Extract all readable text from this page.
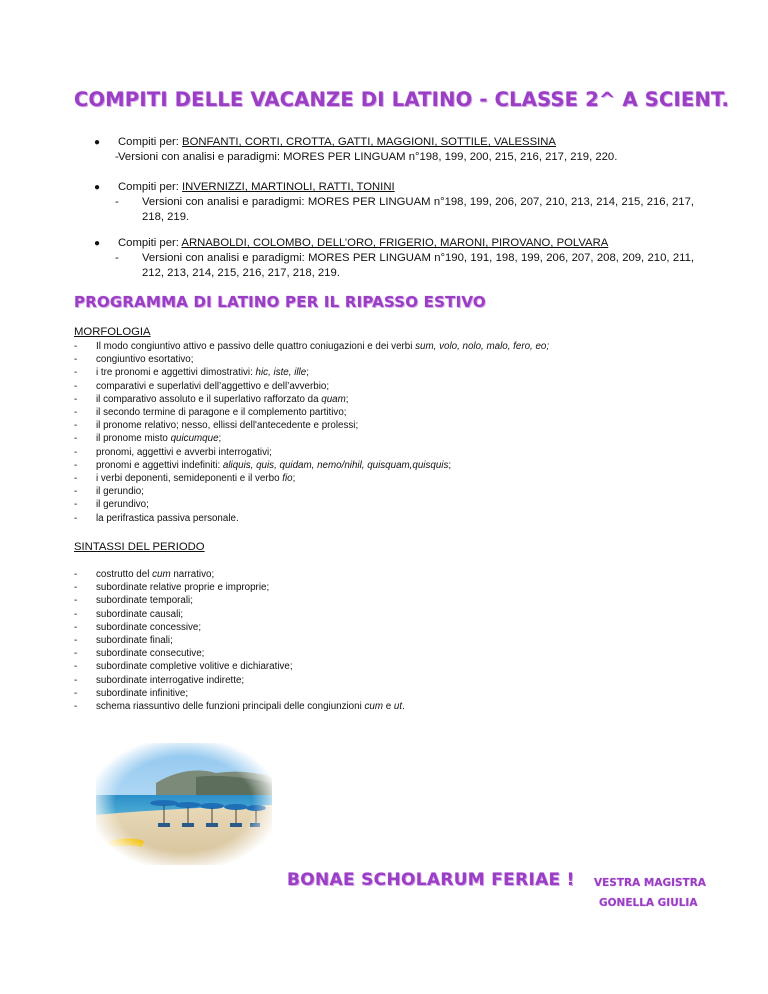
COMPITI DELLE VACANZE DI LATINO - CLASSE 2^ A SCIENT.
● Compiti per: BONFANTI, CORTI, CROTTA, GATTI, MAGGIONI, SOTTILE, VALESSINA
- Versioni con analisi e paradigmi: MORES PER LINGUAM n°198, 199, 200, 215, 216, 217, 219, 220.
● Compiti per: INVERNIZZI, MARTINOLI, RATTI, TONINI
-	Versioni con analisi e paradigmi: MORES PER LINGUAM n°198, 199, 206, 207, 210, 213, 214, 215, 216, 217, 218, 219.
● Compiti per: ARNABOLDI, COLOMBO, DELL’ORO, FRIGERIO, MARONI, PIROVANO, POLVARA
-	Versioni con analisi e paradigmi: MORES PER LINGUAM n°190, 191, 198, 199, 206, 207, 208, 209, 210, 211, 212, 213, 214, 215, 216, 217, 218, 219.
PROGRAMMA DI LATINO PER IL RIPASSO ESTIVO
MORFOLOGIA
- Il modo congiuntivo attivo e passivo delle quattro coniugazioni e dei verbi sum, volo, nolo, malo, fero, eo;
- congiuntivo esortativo;
- i tre pronomi e aggettivi dimostrativi: hic, iste, ille;
- comparativi e superlativi dell’aggettivo e dell’avverbio;
- il comparativo assoluto e il superlativo rafforzato da quam;
- il secondo termine di paragone e il complemento partitivo;
- il pronome relativo; nesso, ellissi dell'antecedente e prolessi;
- il pronome misto quicumque;
- pronomi, aggettivi e avverbi interrogativi;
- pronomi e aggettivi indefiniti: aliquis, quis, quidam, nemo/nihil, quisquam,quisquis;
- i verbi deponenti, semideponenti e il verbo fio;
- il gerundio;
- il gerundivo;
- la perifrastica passiva personale.
SINTASSI DEL PERIODO
- costrutto del cum narrativo;
- subordinate relative proprie e improprie;
- subordinate temporali;
- subordinate causali;
- subordinate concessive;
- subordinate finali;
- subordinate consecutive;
- subordinate completive volitive e dichiarative;
- subordinate interrogative indirette;
- subordinate infinitive;
- schema riassuntivo delle funzioni principali delle congiunzioni cum e ut.
BONAE SCHOLARUM FERIAE ! VESTRA MAGISTRA
GONELLA GIULIA
